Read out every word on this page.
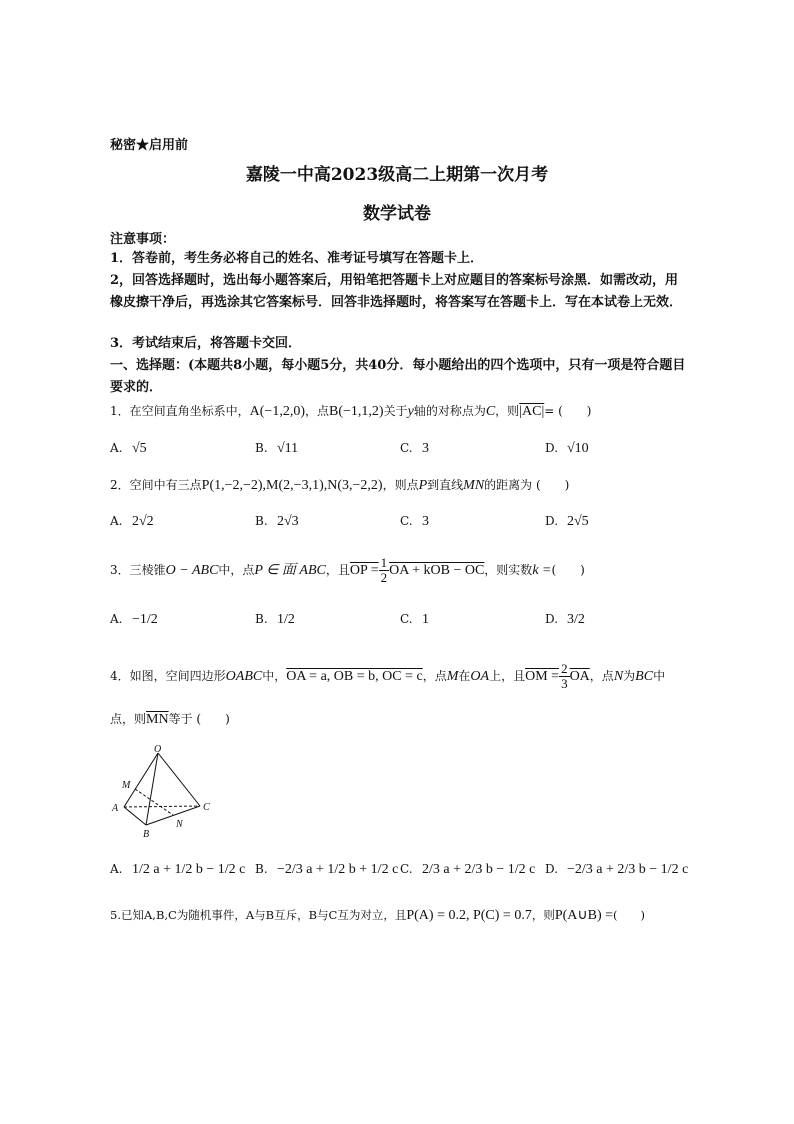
秘密★启用前
嘉陵一中高2023级高二上期第一次月考
数学试卷
注意事项：
1．答卷前，考生务必将自己的姓名、准考证号填写在答题卡上．
2，回答选择题时，选出每小题答案后，用铅笔把答题卡上对应题目的答案标号涂黑．如需改动，用橡皮擦干净后，再选涂其它答案标号．回答非选择题时，将答案写在答题卡上．写在本试卷上无效．
3．考试结束后，将答题卡交回．
一、选择题：(本题共8小题，每小题5分，共40分．每小题给出的四个选项中，只有一项是符合题目要求的．
1．在空间直角坐标系中，A(−1,2,0)，点B(−1,1,2)关于y轴的对称点为C，则|AC|= (　　)
A. √5	B. √11	C. 3	D. √10
2．空间中有三点P(1,−2,−2),M(2,−3,1),N(3,−2,2)，则点P到直线MN的距离为 (　　)
A. 2√2	B. 2√3	C. 3	D. 2√5
3．三棱锥O − ABC中，点P ∈ 面 ABC，且OP = $\frac{1}{2}$ OA + kOB − OC，则实数k =(　　)
A. −1/2	B. 1/2	C. 1	D. 3/2
4．如图，空间四边形OABC中，OA = a, OB = b, OC = c，点M在OA上，且OM = $\frac{2}{3} \overline{OA}$，点N为BC中
点，则$\overline{MN}$等于 (　　)
O
M
A
B
N
C
A. 1/2 a + 1/2 b − 1/2 c B. −2/3 a + 1/2 b + 1/2 c C. 2/3 a + 2/3 b − 1/2 c D. −2/3 a + 2/3 b − 1/2 c
5.已知A,B,C为随机事件，A与B互斥，B与C互为对立，且P(A) = 0.2, P(C) = 0.7，则P(A∪B) =(　　)
